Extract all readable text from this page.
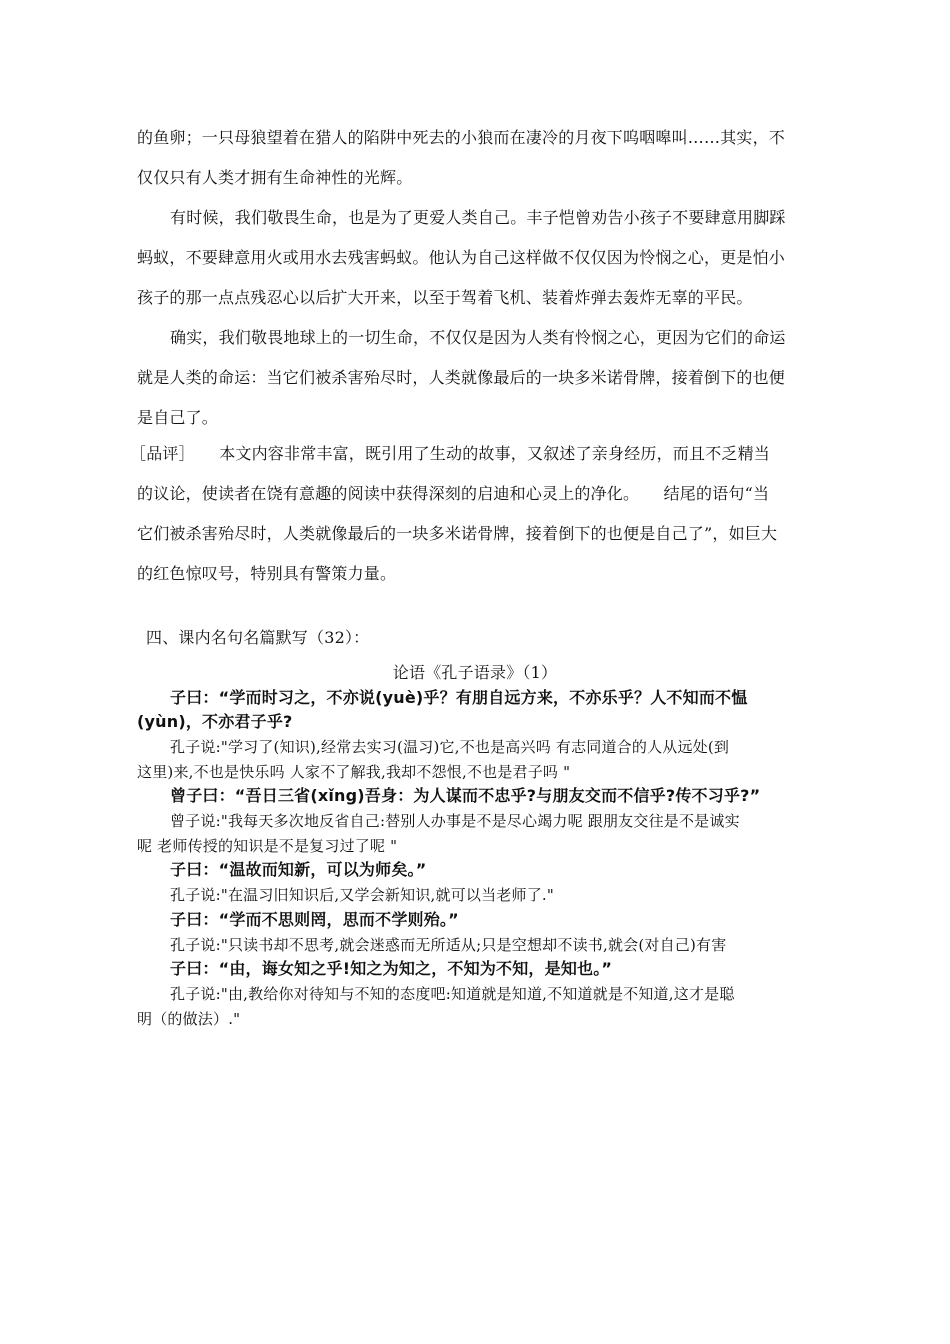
的鱼卵；一只母狼望着在猎人的陷阱中死去的小狼而在凄冷的月夜下呜咽嗥叫……其实，不
仅仅只有人类才拥有生命神性的光辉。
有时候，我们敬畏生命，也是为了更爱人类自己。丰子恺曾劝告小孩子不要肆意用脚踩
蚂蚁，不要肆意用火或用水去残害蚂蚁。他认为自己这样做不仅仅因为怜悯之心，更是怕小
孩子的那一点点残忍心以后扩大开来，以至于驾着飞机、装着炸弹去轰炸无辜的平民。
确实，我们敬畏地球上的一切生命，不仅仅是因为人类有怜悯之心，更因为它们的命运
就是人类的命运：当它们被杀害殆尽时，人类就像最后的一块多米诺骨牌，接着倒下的也便
是自己了。
［品评］　　本文内容非常丰富，既引用了生动的故事，又叙述了亲身经历，而且不乏精当
的议论，使读者在饶有意趣的阅读中获得深刻的启迪和心灵上的净化。　　结尾的语句“当
它们被杀害殆尽时，人类就像最后的一块多米诺骨牌，接着倒下的也便是自己了”，如巨大
的红色惊叹号，特别具有警策力量。
四、课内名句名篇默写（32）：
论语《孔子语录》（1）
子曰：“学而时习之，不亦说(yuè)乎？有朋自远方来，不亦乐乎？人不知而不愠
(yùn)，不亦君子乎?
孔子说:"学习了(知识),经常去实习(温习)它,不也是高兴吗 有志同道合的人从远处(到
这里)来,不也是快乐吗 人家不了解我,我却不怨恨,不也是君子吗 "
曾子曰：“吾日三省(xǐng)吾身：为人谋而不忠乎?与朋友交而不信乎?传不习乎?”
曾子说:"我每天多次地反省自己:替别人办事是不是尽心竭力呢 跟朋友交往是不是诚实
呢 老师传授的知识是不是复习过了呢 "
子曰：“温故而知新，可以为师矣。”
孔子说:"在温习旧知识后,又学会新知识,就可以当老师了."
子曰：“学而不思则罔，思而不学则殆。”
孔子说:"只读书却不思考,就会迷惑而无所适从;只是空想却不读书,就会(对自己)有害
子曰：“由，诲女知之乎!知之为知之，不知为不知，是知也。”
孔子说:"由,教给你对待知与不知的态度吧:知道就是知道,不知道就是不知道,这才是聪
明（的做法）."
